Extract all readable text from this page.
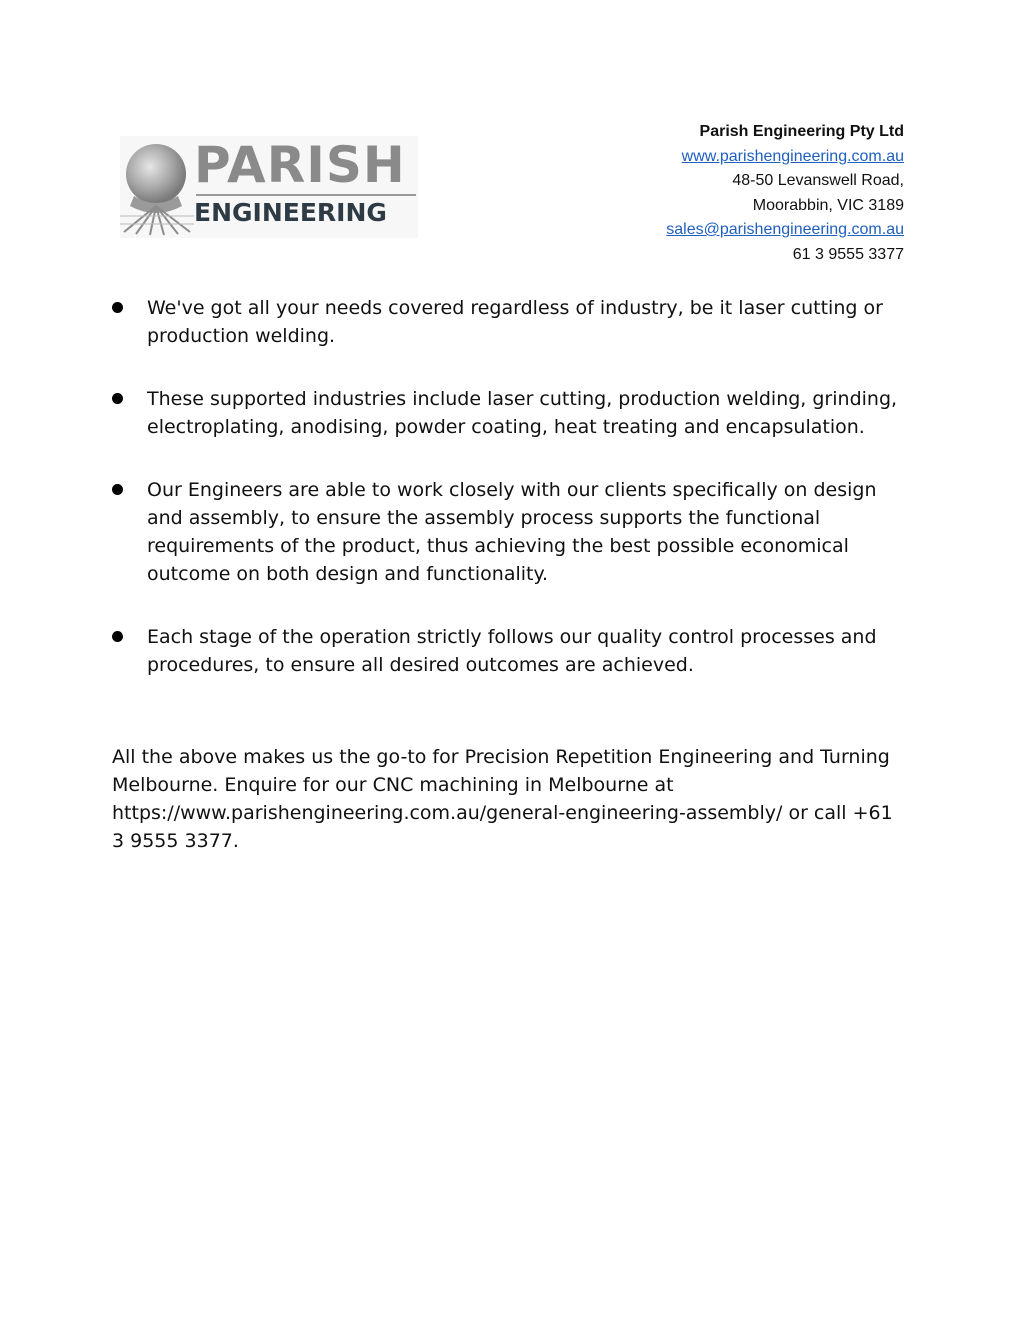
PARISH
ENGINEERING
Parish Engineering Pty Ltd
www.parishengineering.com.au
48-50 Levanswell Road,
Moorabbin, VIC 3189
sales@parishengineering.com.au
61 3 9555 3377
We've got all your needs covered regardless of industry, be it laser cutting or production welding.
These supported industries include laser cutting, production welding, grinding, electroplating, anodising, powder coating, heat treating and encapsulation.
Our Engineers are able to work closely with our clients specifically on design and assembly, to ensure the assembly process supports the functional requirements of the product, thus achieving the best possible economical outcome on both design and functionality.
Each stage of the operation strictly follows our quality control processes and procedures, to ensure all desired outcomes are achieved.

All the above makes us the go-to for Precision Repetition Engineering and Turning Melbourne. Enquire for our CNC machining in Melbourne at https://www.parishengineering.com.au/general-engineering-assembly/ or call +61 3 9555 3377.
